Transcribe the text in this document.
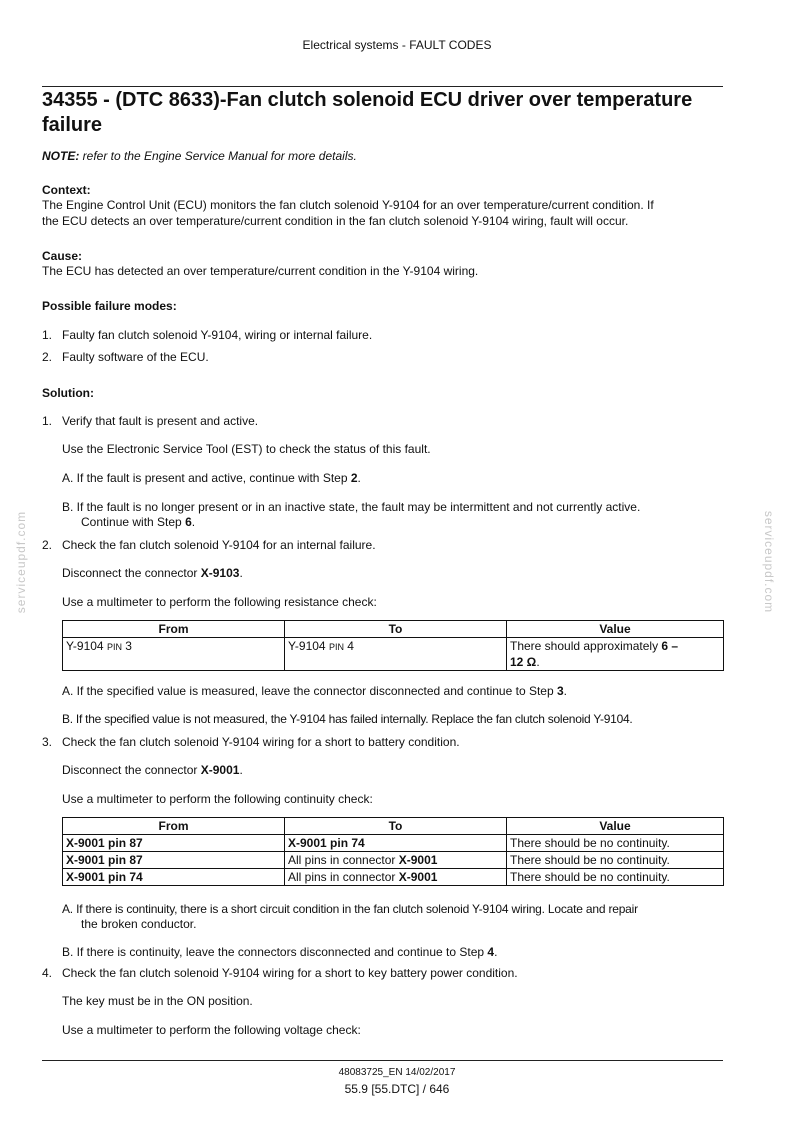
Electrical systems - FAULT CODES
34355 - (DTC 8633)-Fan clutch solenoid ECU driver over temperature failure

NOTE: refer to the Engine Service Manual for more details.

Context:

The Engine Control Unit (ECU) monitors the fan clutch solenoid Y-9104 for an over temperature/current condition. If

the ECU detects an over temperature/current condition in the fan clutch solenoid Y-9104 wiring, fault will occur.

Cause:

The ECU has detected an over temperature/current condition in the Y-9104 wiring.

Possible failure modes:

1. Faulty fan clutch solenoid Y-9104, wiring or internal failure.

2. Faulty software of the ECU.

Solution:

1. Verify that fault is present and active.

Use the Electronic Service Tool (EST) to check the status of this fault.

A. If the fault is present and active, continue with Step 2.

B. If the fault is no longer present or in an inactive state, the fault may be intermittent and not currently active.

Continue with Step 6.

2. Check the fan clutch solenoid Y-9104 for an internal failure.

Disconnect the connector X-9103.

Use a multimeter to perform the following resistance check:

From	To	Value
Y-9104 PIN 3	Y-9104 PIN 4	There should approximately 6 –
12 Ω.

A. If the specified value is measured, leave the connector disconnected and continue to Step 3.

B. If the specified value is not measured, the Y-9104 has failed internally. Replace the fan clutch solenoid Y-9104.

3. Check the fan clutch solenoid Y-9104 wiring for a short to battery condition.

Disconnect the connector X-9001.

Use a multimeter to perform the following continuity check:

From	To	Value
X-9001 pin 87	X-9001 pin 74	There should be no continuity.
X-9001 pin 87	All pins in connector X-9001	There should be no continuity.
X-9001 pin 74	All pins in connector X-9001	There should be no continuity.

A. If there is continuity, there is a short circuit condition in the fan clutch solenoid Y-9104 wiring. Locate and repair

the broken conductor.

B. If there is continuity, leave the connectors disconnected and continue to Step 4.

4. Check the fan clutch solenoid Y-9104 wiring for a short to key battery power condition.

The key must be in the ON position.

Use a multimeter to perform the following voltage check:

serviceupdf.com	serviceupdf.com
48083725_EN 14/02/2017
55.9 [55.DTC] / 646
